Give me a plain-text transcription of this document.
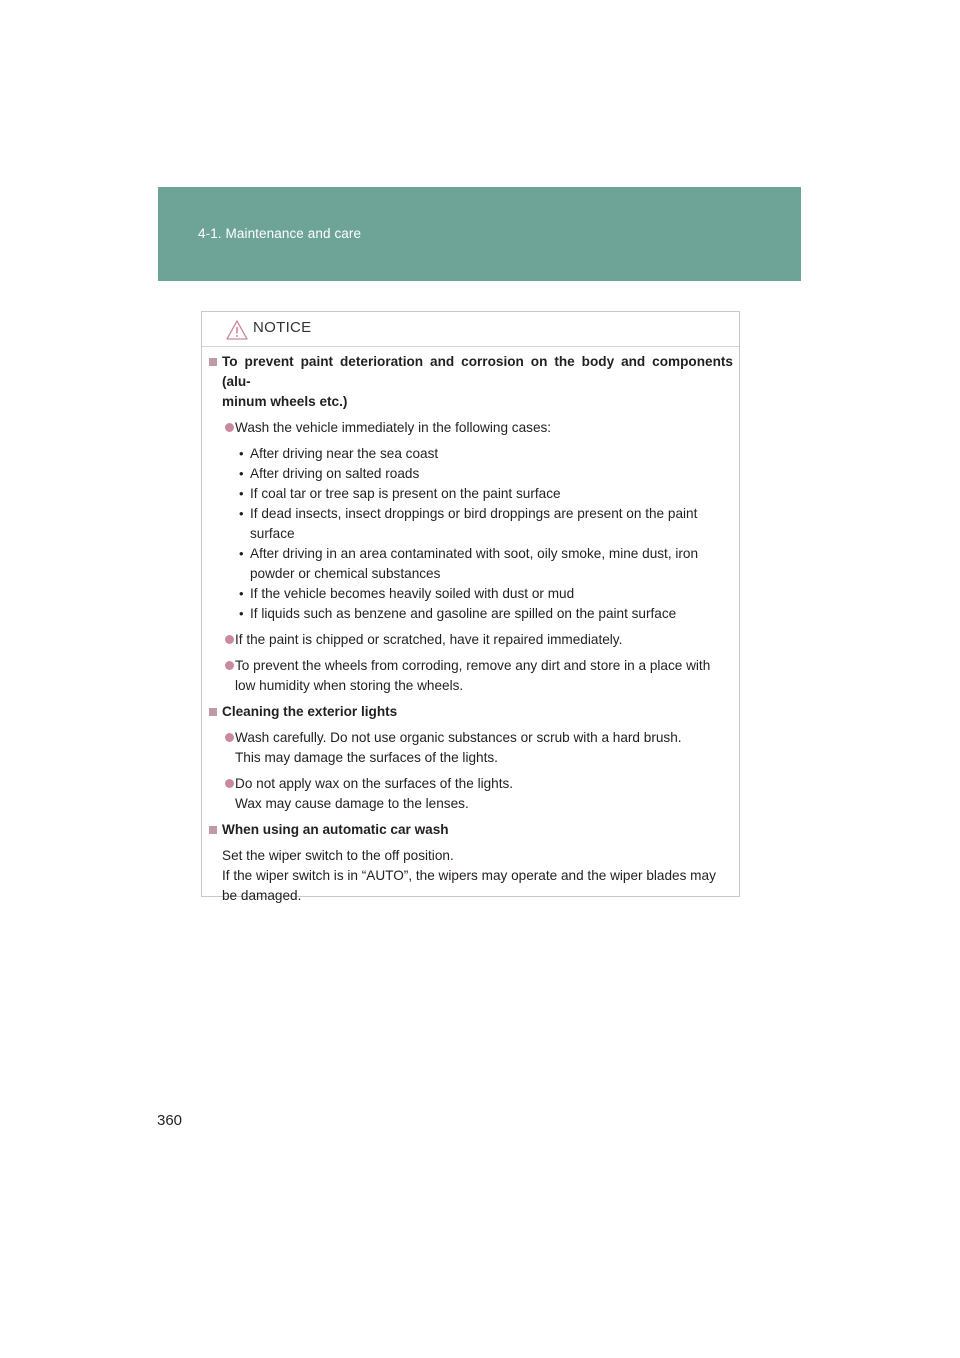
4-1. Maintenance and care
NOTICE
To prevent paint deterioration and corrosion on the body and components (alu-
minum wheels etc.)
Wash the vehicle immediately in the following cases:
• After driving near the sea coast
• After driving on salted roads
• If coal tar or tree sap is present on the paint surface
• If dead insects, insect droppings or bird droppings are present on the paint
surface
• After driving in an area contaminated with soot, oily smoke, mine dust, iron
powder or chemical substances
• If the vehicle becomes heavily soiled with dust or mud
• If liquids such as benzene and gasoline are spilled on the paint surface
If the paint is chipped or scratched, have it repaired immediately.
To prevent the wheels from corroding, remove any dirt and store in a place with
low humidity when storing the wheels.
Cleaning the exterior lights
Wash carefully. Do not use organic substances or scrub with a hard brush.
This may damage the surfaces of the lights.
Do not apply wax on the surfaces of the lights.
Wax may cause damage to the lenses.
When using an automatic car wash
Set the wiper switch to the off position.
If the wiper switch is in “AUTO”, the wipers may operate and the wiper blades may
be damaged.
360
